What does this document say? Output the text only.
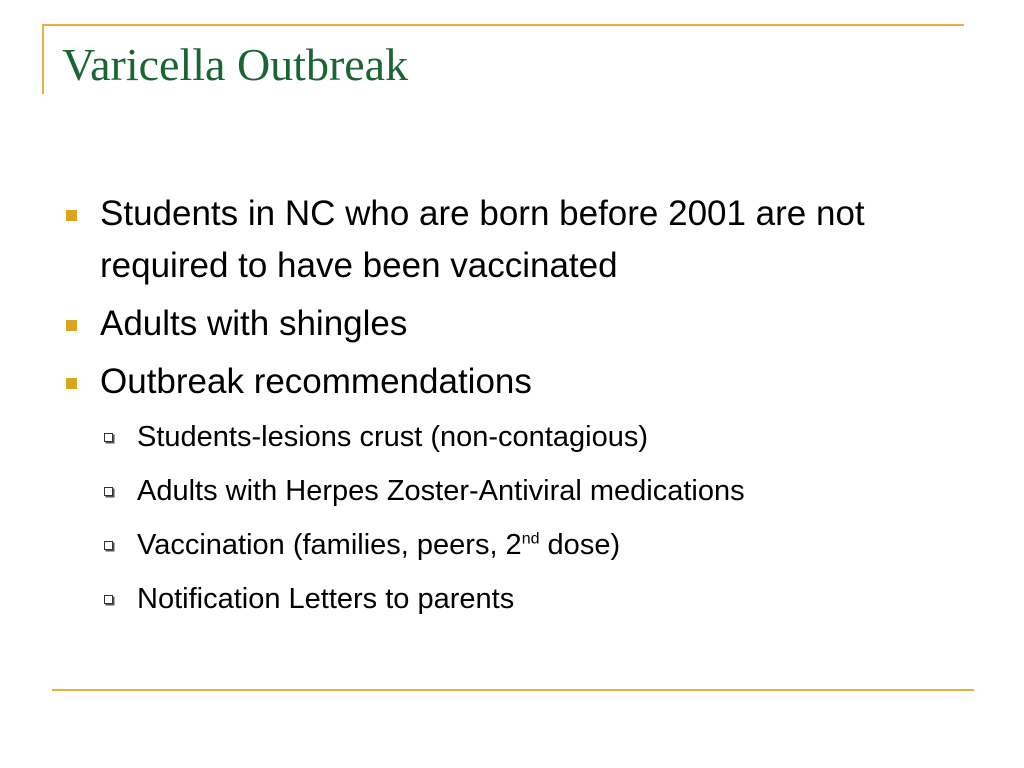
Varicella Outbreak
Students in NC who are born before 2001 are not required to have been vaccinated
Adults with shingles
Outbreak recommendations
Students-lesions crust (non-contagious)
Adults with Herpes Zoster-Antiviral medications
Vaccination (families, peers, 2nd dose)
Notification Letters to parents
